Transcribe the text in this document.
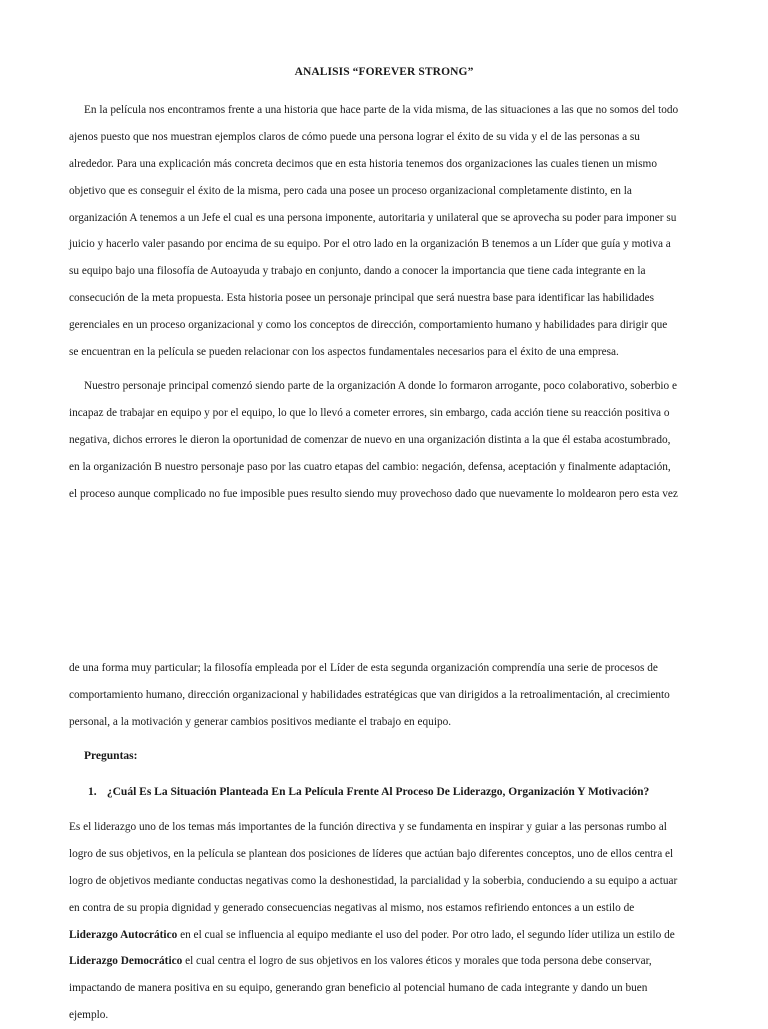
ANALISIS “FOREVER STRONG”
En la película nos encontramos frente a una historia que hace parte de la vida misma, de las situaciones a las que no somos del todo
ajenos puesto que nos muestran ejemplos claros de cómo puede una persona lograr el éxito de su vida y el de las personas a su
alrededor. Para una explicación más concreta decimos que en esta historia tenemos dos organizaciones las cuales tienen un mismo
objetivo que es conseguir el éxito de la misma, pero cada una posee un proceso organizacional completamente distinto, en la
organización A tenemos a un Jefe el cual es una persona imponente, autoritaria y unilateral que se aprovecha su poder para imponer su
juicio y hacerlo valer pasando por encima de su equipo. Por el otro lado en la organización B tenemos a un Líder que guía y motiva a
su equipo bajo una filosofía de Autoayuda y trabajo en conjunto, dando a conocer la importancia que tiene cada integrante en la
consecución de la meta propuesta. Esta historia posee un personaje principal que será nuestra base para identificar las habilidades
gerenciales en un proceso organizacional y como los conceptos de dirección, comportamiento humano y habilidades para dirigir que
se encuentran en la película se pueden relacionar con los aspectos fundamentales necesarios para el éxito de una empresa.
Nuestro personaje principal comenzó siendo parte de la organización A donde lo formaron arrogante, poco colaborativo, soberbio e
incapaz de trabajar en equipo y por el equipo, lo que lo llevó a cometer errores, sin embargo, cada acción tiene su reacción positiva o
negativa, dichos errores le dieron la oportunidad de comenzar de nuevo en una organización distinta a la que él estaba acostumbrado,
en la organización B nuestro personaje paso por las cuatro etapas del cambio: negación, defensa, aceptación y finalmente adaptación,
el proceso aunque complicado no fue imposible pues resulto siendo muy provechoso dado que nuevamente lo moldearon pero esta vez
de una forma muy particular; la filosofía empleada por el Líder de esta segunda organización comprendía una serie de procesos de
comportamiento humano, dirección organizacional y habilidades estratégicas que van dirigidos a la retroalimentación, al crecimiento
personal, a la motivación y generar cambios positivos mediante el trabajo en equipo.
Preguntas:
1. ¿Cuál Es La Situación Planteada En La Película Frente Al Proceso De Liderazgo, Organización Y Motivación?
Es el liderazgo uno de los temas más importantes de la función directiva y se fundamenta en inspirar y guiar a las personas rumbo al
logro de sus objetivos, en la película se plantean dos posiciones de líderes que actúan bajo diferentes conceptos, uno de ellos centra el
logro de objetivos mediante conductas negativas como la deshonestidad, la parcialidad y la soberbia, conduciendo a su equipo a actuar
en contra de su propia dignidad y generado consecuencias negativas al mismo, nos estamos refiriendo entonces a un estilo de
Liderazgo Autocrático en el cual se influencia al equipo mediante el uso del poder. Por otro lado, el segundo líder utiliza un estilo de
Liderazgo Democrático el cual centra el logro de sus objetivos en los valores éticos y morales que toda persona debe conservar,
impactando de manera positiva en su equipo, generando gran beneficio al potencial humano de cada integrante y dando un buen
ejemplo.
